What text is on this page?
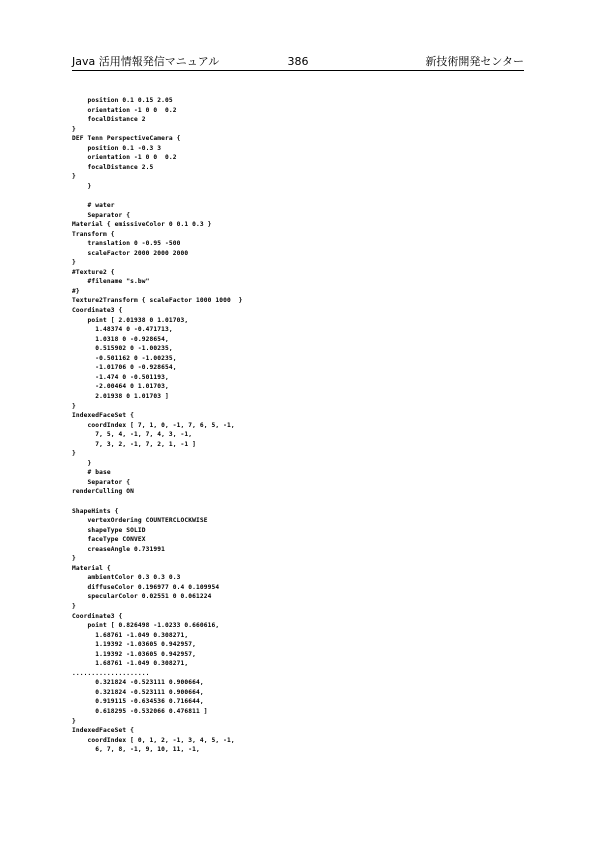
Java 活用情報発信マニュアル	386	新技術開発センター
position 0.1 0.15 2.05
orientation -1 0 0  0.2
focalDistance 2
}
DEF Tenn PerspectiveCamera {
position 0.1 -0.3 3
orientation -1 0 0  0.2
focalDistance 2.5
}
}
# water
Separator {
Material { emissiveColor 0 0.1 0.3 }
Transform {
translation 0 -0.95 -500
scaleFactor 2000 2000 2000
}
#Texture2 {
#filename "s.bw"
#}
Texture2Transform { scaleFactor 1000 1000  }
Coordinate3 {
point [ 2.01938 0 1.01703,
1.48374 0 -0.471713,
1.0318 0 -0.928654,
0.515902 0 -1.00235,
-0.501162 0 -1.00235,
-1.01706 0 -0.928654,
-1.474 0 -0.501193,
-2.00464 0 1.01703,
2.01938 0 1.01703 ]
}
IndexedFaceSet {
coordIndex [ 7, 1, 0, -1, 7, 6, 5, -1,
7, 5, 4, -1, 7, 4, 3, -1,
7, 3, 2, -1, 7, 2, 1, -1 ]
}
}
# base
Separator {
renderCulling ON
ShapeHints {
vertexOrdering COUNTERCLOCKWISE
shapeType SOLID
faceType CONVEX
creaseAngle 0.731991
}
Material {
ambientColor 0.3 0.3 0.3
diffuseColor 0.196977 0.4 0.109954
specularColor 0.02551 0 0.061224
}
Coordinate3 {
point [ 0.826498 -1.0233 0.660616,
1.68761 -1.049 0.308271,
1.19392 -1.03605 0.942957,
1.19392 -1.03605 0.942957,
1.68761 -1.049 0.308271,
....................
0.321824 -0.523111 0.900664,
0.321824 -0.523111 0.900664,
0.919115 -0.634536 0.716644,
0.618295 -0.532066 0.476811 ]
}
IndexedFaceSet {
coordIndex [ 0, 1, 2, -1, 3, 4, 5, -1,
6, 7, 8, -1, 9, 10, 11, -1,
